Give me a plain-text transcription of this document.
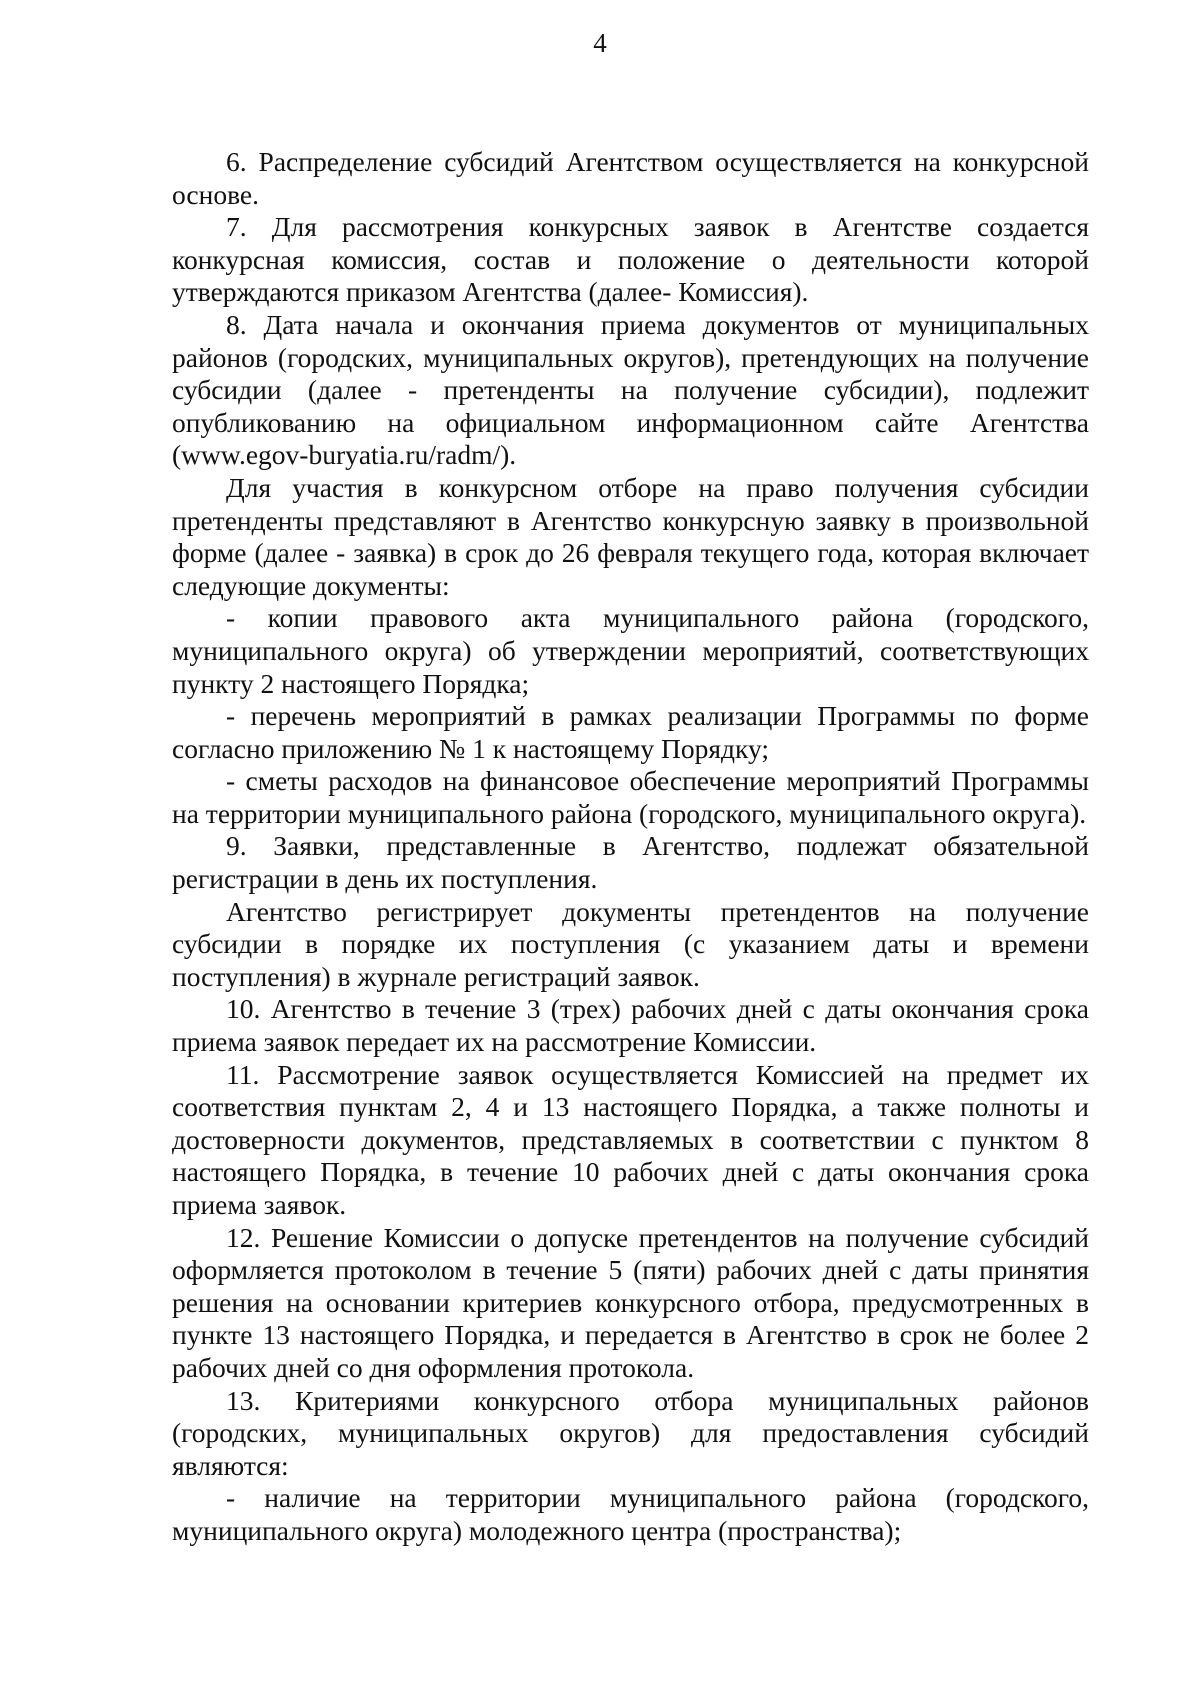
4

6. Распределение субсидий Агентством осуществляется на конкурсной основе.

7. Для рассмотрения конкурсных заявок в Агентстве создается конкурсная комиссия, состав и положение о деятельности которой утверждаются приказом Агентства (далее- Комиссия).

8. Дата начала и окончания приема документов от муниципальных районов (городских, муниципальных округов), претендующих на получение субсидии (далее - претенденты на получение субсидии), подлежит опубликованию на официальном информационном сайте Агентства (www.egov-buryatia.ru/radm/).

Для участия в конкурсном отборе на право получения субсидии претенденты представляют в Агентство конкурсную заявку в произвольной форме (далее - заявка) в срок до 26 февраля текущего года, которая включает следующие документы:

- копии правового акта муниципального района (городского, муниципального округа) об утверждении мероприятий, соответствующих пункту 2 настоящего Порядка;

- перечень мероприятий в рамках реализации Программы по форме согласно приложению № 1 к настоящему Порядку;

- сметы расходов на финансовое обеспечение мероприятий Программы на территории муниципального района (городского, муниципального округа).

9. Заявки, представленные в Агентство, подлежат обязательной регистрации в день их поступления.

Агентство регистрирует документы претендентов на получение субсидии в порядке их поступления (с указанием даты и времени поступления) в журнале регистраций заявок.

10. Агентство в течение 3 (трех) рабочих дней с даты окончания срока приема заявок передает их на рассмотрение Комиссии.

11. Рассмотрение заявок осуществляется Комиссией на предмет их соответствия пунктам 2, 4 и 13 настоящего Порядка, а также полноты и достоверности документов, представляемых в соответствии с пунктом 8 настоящего Порядка, в течение 10 рабочих дней с даты окончания срока приема заявок.

12. Решение Комиссии о допуске претендентов на получение субсидий оформляется протоколом в течение 5 (пяти) рабочих дней с даты принятия решения на основании критериев конкурсного отбора, предусмотренных в пункте 13 настоящего Порядка, и передается в Агентство в срок не более 2 рабочих дней со дня оформления протокола.

13. Критериями конкурсного отбора муниципальных районов (городских, муниципальных округов) для предоставления субсидий являются:

- наличие на территории муниципального района (городского, муниципального округа) молодежного центра (пространства);
